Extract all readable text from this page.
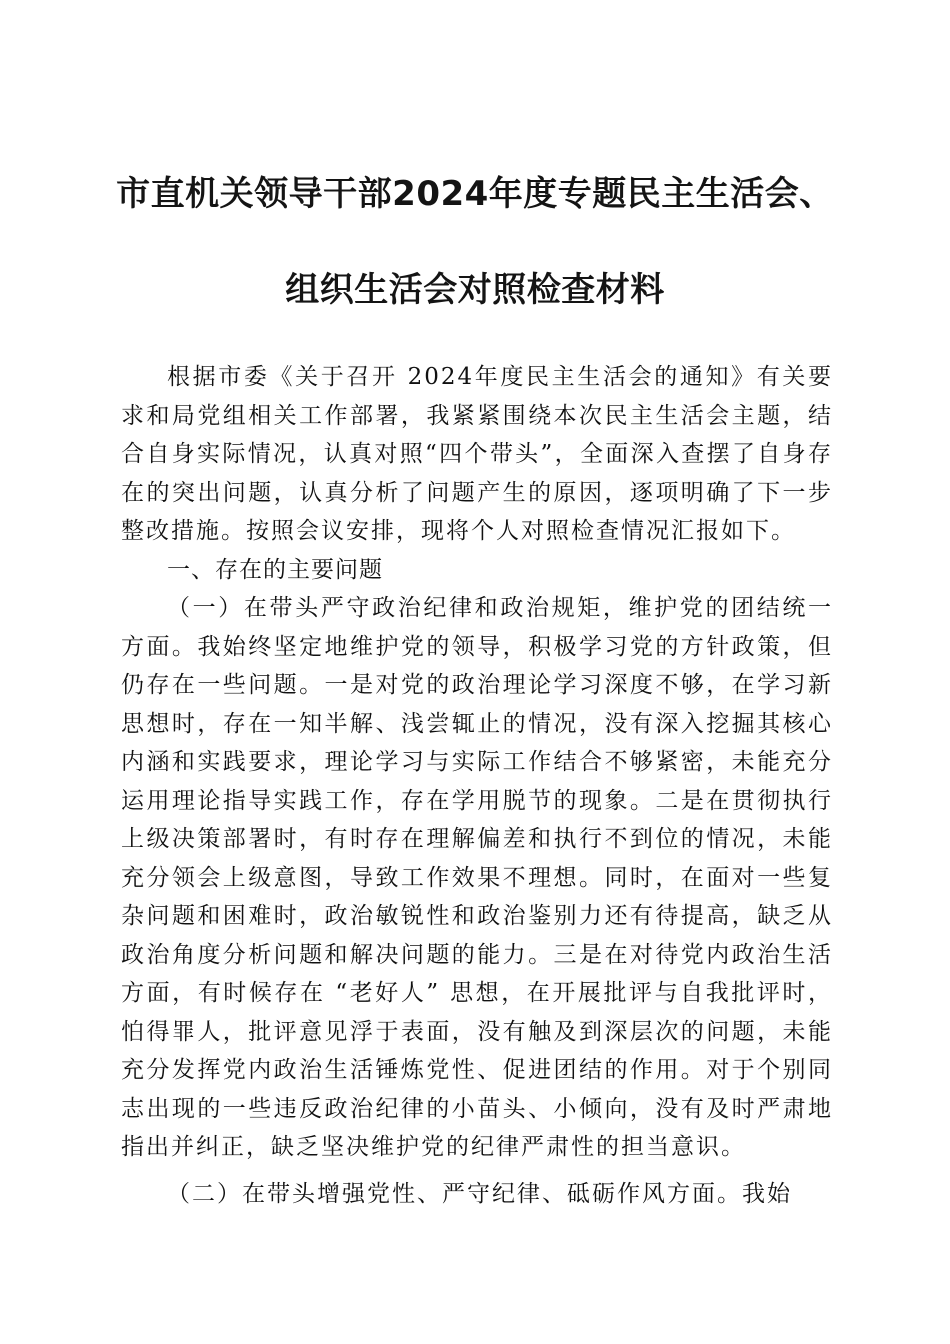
市直机关领导干部2024年度专题民主生活会、
组织生活会对照检查材料

根据市委《关于召开 2024年度民主生活会的通知》有关要求和局党组相关工作部署，我紧紧围绕本次民主生活会主题，结合自身实际情况，认真对照“四个带头”，全面深入查摆了自身存在的突出问题，认真分析了问题产生的原因，逐项明确了下一步整改措施。按照会议安排，现将个人对照检查情况汇报如下。

一、存在的主要问题

（一）在带头严守政治纪律和政治规矩，维护党的团结统一方面。我始终坚定地维护党的领导，积极学习党的方针政策，但仍存在一些问题。一是对党的政治理论学习深度不够，在学习新思想时，存在一知半解、浅尝辄止的情况，没有深入挖掘其核心内涵和实践要求，理论学习与实际工作结合不够紧密，未能充分运用理论指导实践工作，存在学用脱节的现象。二是在贯彻执行上级决策部署时，有时存在理解偏差和执行不到位的情况，未能充分领会上级意图，导致工作效果不理想。同时，在面对一些复杂问题和困难时，政治敏锐性和政治鉴别力还有待提高，缺乏从政治角度分析问题和解决问题的能力。三是在对待党内政治生活方面，有时候存在 “老好人” 思想，在开展批评与自我批评时，怕得罪人，批评意见浮于表面，没有触及到深层次的问题，未能充分发挥党内政治生活锤炼党性、促进团结的作用。对于个别同志出现的一些违反政治纪律的小苗头、小倾向，没有及时严肃地指出并纠正，缺乏坚决维护党的纪律严肃性的担当意识。

（二）在带头增强党性、严守纪律、砥砺作风方面。我始
